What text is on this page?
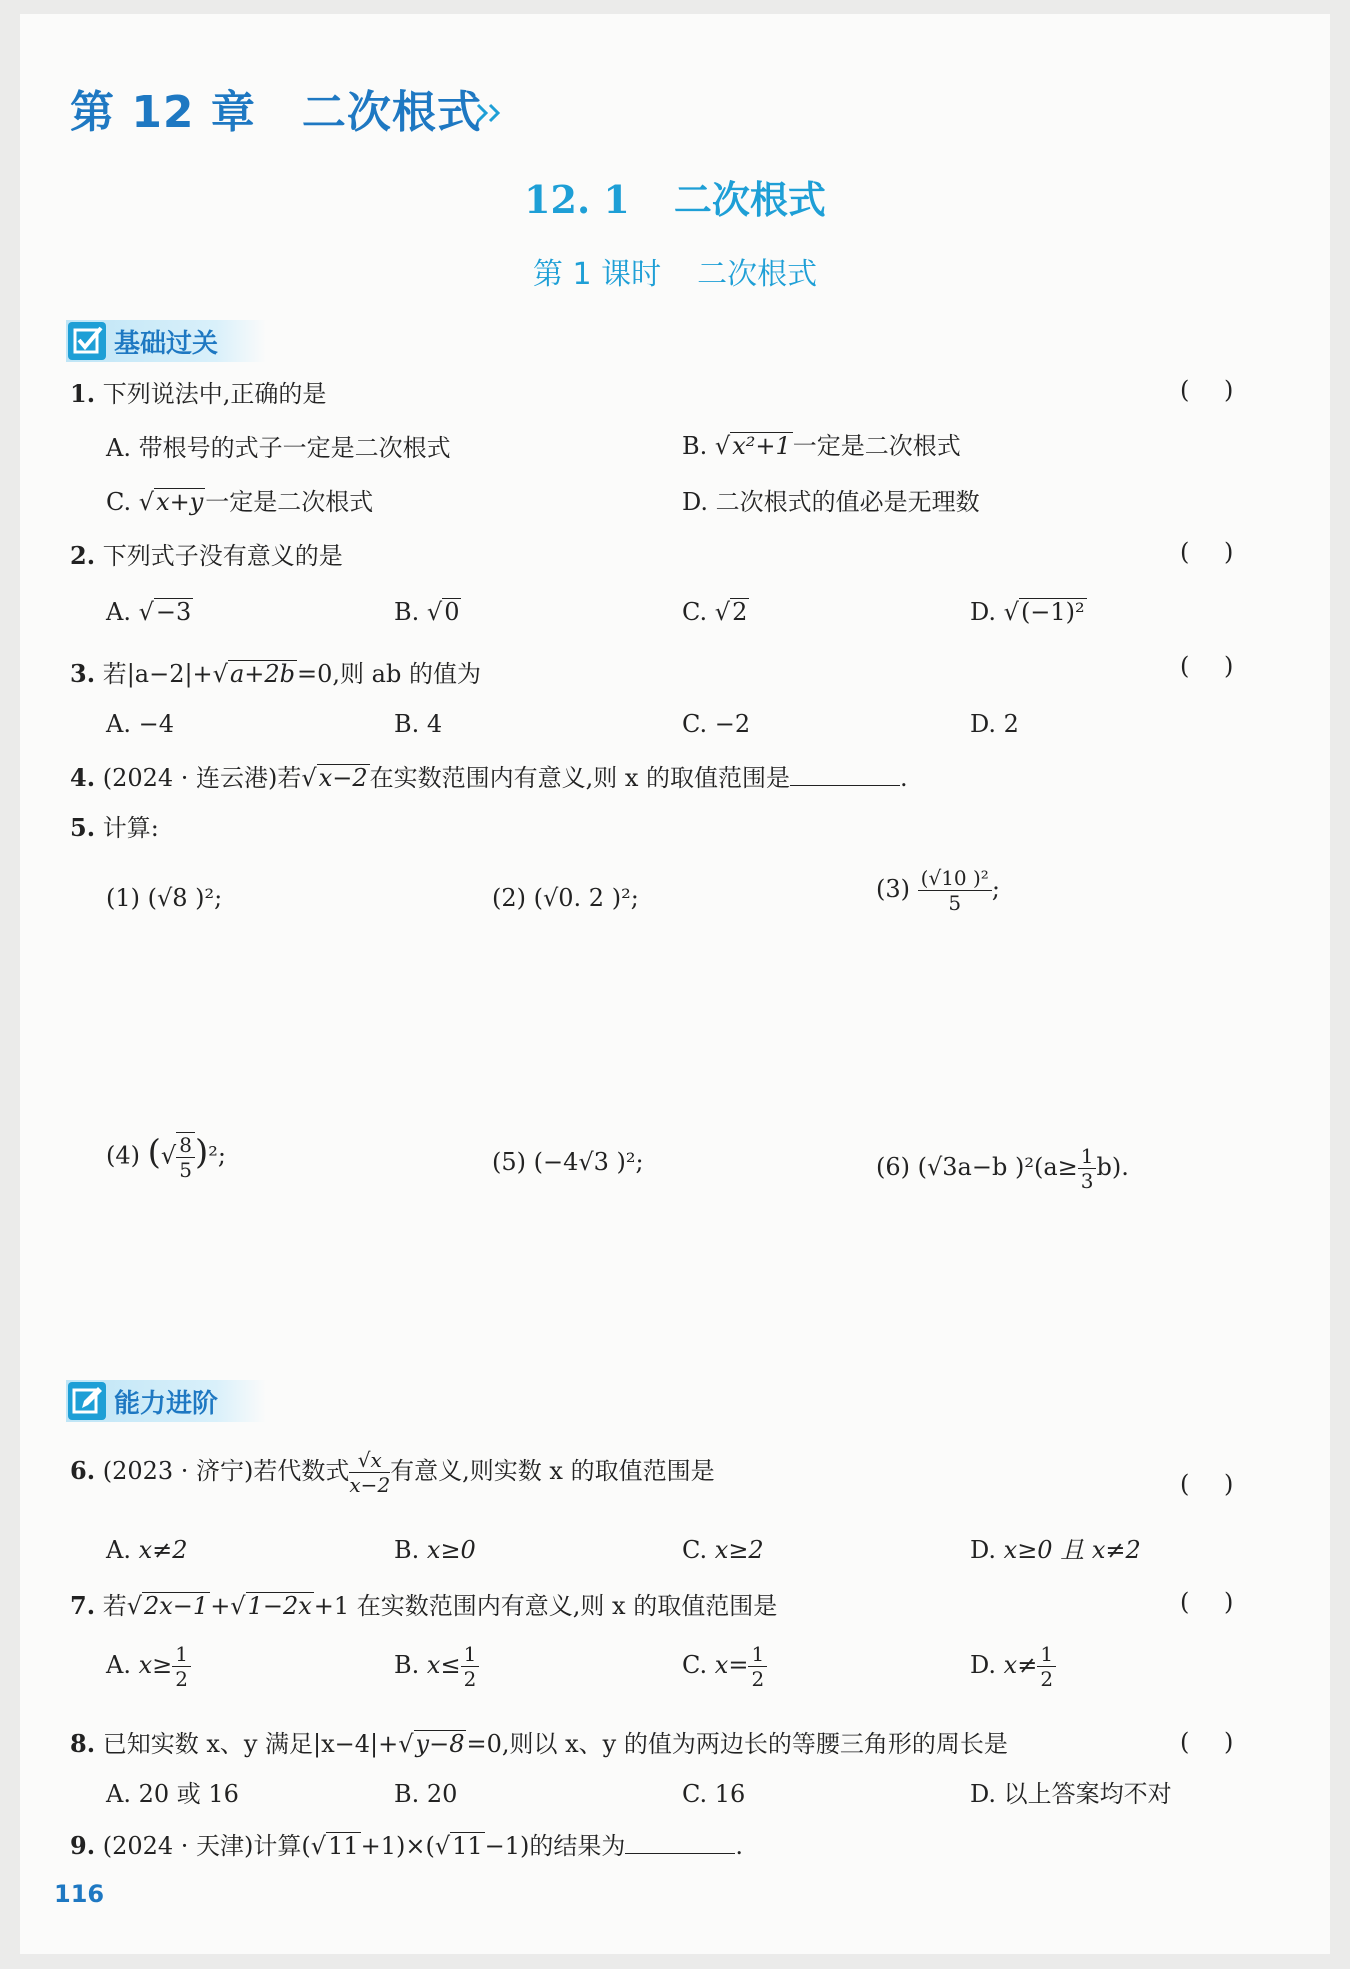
第 12 章 二次根式
12. 1 二次根式
第 1 课时 二次根式
基础过关
1. 下列说法中,正确的是	( )
A. 带根号的式子一定是二次根式	B. √x²+1一定是二次根式
C. √x+y一定是二次根式	D. 二次根式的值必是无理数
2. 下列式子没有意义的是	( )
A. √−3	B. √0	C. √2	D. √(−1)²
3. 若|a−2|+√a+2b=0,则 ab 的值为	( )
A. −4	B. 4	C. −2	D. 2
4. (2024 · 连云港)若√x−2在实数范围内有意义,则 x 的取值范围是	.
5. 计算:
(1) (√8 )²;	(2) (√0. 2 )²;	$(3) \frac{\text{(√10 )²}}{5}$ ;
(4) (√ $\frac{8}{5} )^2$;	(5) (−4√3 )²;	(6) (√3a−b )$^2(a\ge \frac{1}{3} b)$.
能力进阶
6. (2023 · 济宁)若代数式 $\frac{√x}{x-2}$ 有意义,则实数 x 的取值范围是	( )
A. x≠2	B. x≥0	C. x≥2	D. x≥0 且 x≠2
7. 若√2x−1+√1−2x+1 在实数范围内有意义,则 x 的取值范围是	( )
A. $x\ge \frac{1}{2}$	B. $x\le \frac{1}{2}$	C. $x= \frac{1}{2}$	D. $x\ne \frac{1}{2}$
8. 已知实数 x、y 满足|x−4|+√y−8=0,则以 x、y 的值为两边长的等腰三角形的周长是	( )
A. 20 或 16	B. 20	C. 16	D. 以上答案均不对
9. (2024 · 天津)计算(√11+1)×(√11−1)的结果为	.
116
